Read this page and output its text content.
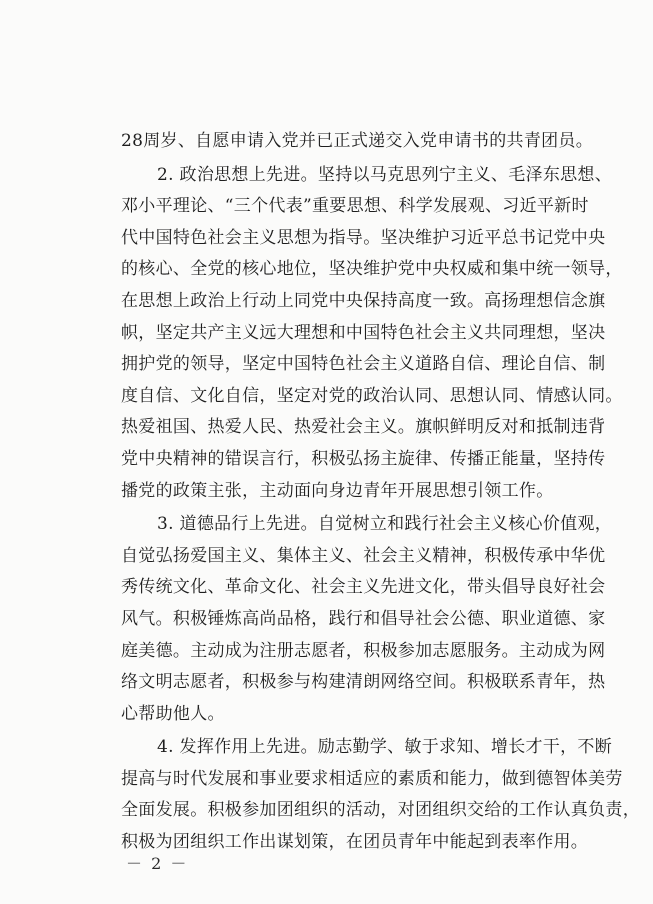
28周岁、自愿申请入党并已正式递交入党申请书的共青团员。
2. 政治思想上先进。坚持以马克思列宁主义、毛泽东思想、
邓小平理论、“三个代表”重要思想、科学发展观、习近平新时
代中国特色社会主义思想为指导。坚决维护习近平总书记党中央
的核心、全党的核心地位，坚决维护党中央权威和集中统一领导，
在思想上政治上行动上同党中央保持高度一致。高扬理想信念旗
帜，坚定共产主义远大理想和中国特色社会主义共同理想，坚决
拥护党的领导，坚定中国特色社会主义道路自信、理论自信、制
度自信、文化自信，坚定对党的政治认同、思想认同、情感认同。
热爱祖国、热爱人民、热爱社会主义。旗帜鲜明反对和抵制违背
党中央精神的错误言行，积极弘扬主旋律、传播正能量，坚持传
播党的政策主张，主动面向身边青年开展思想引领工作。
3. 道德品行上先进。自觉树立和践行社会主义核心价值观，
自觉弘扬爱国主义、集体主义、社会主义精神，积极传承中华优
秀传统文化、革命文化、社会主义先进文化，带头倡导良好社会
风气。积极锤炼高尚品格，践行和倡导社会公德、职业道德、家
庭美德。主动成为注册志愿者，积极参加志愿服务。主动成为网
络文明志愿者，积极参与构建清朗网络空间。积极联系青年，热
心帮助他人。
4. 发挥作用上先进。励志勤学、敏于求知、增长才干，不断
提高与时代发展和事业要求相适应的素质和能力，做到德智体美劳
全面发展。积极参加团组织的活动，对团组织交给的工作认真负责，
积极为团组织工作出谋划策，在团员青年中能起到表率作用。
－ 2 －
